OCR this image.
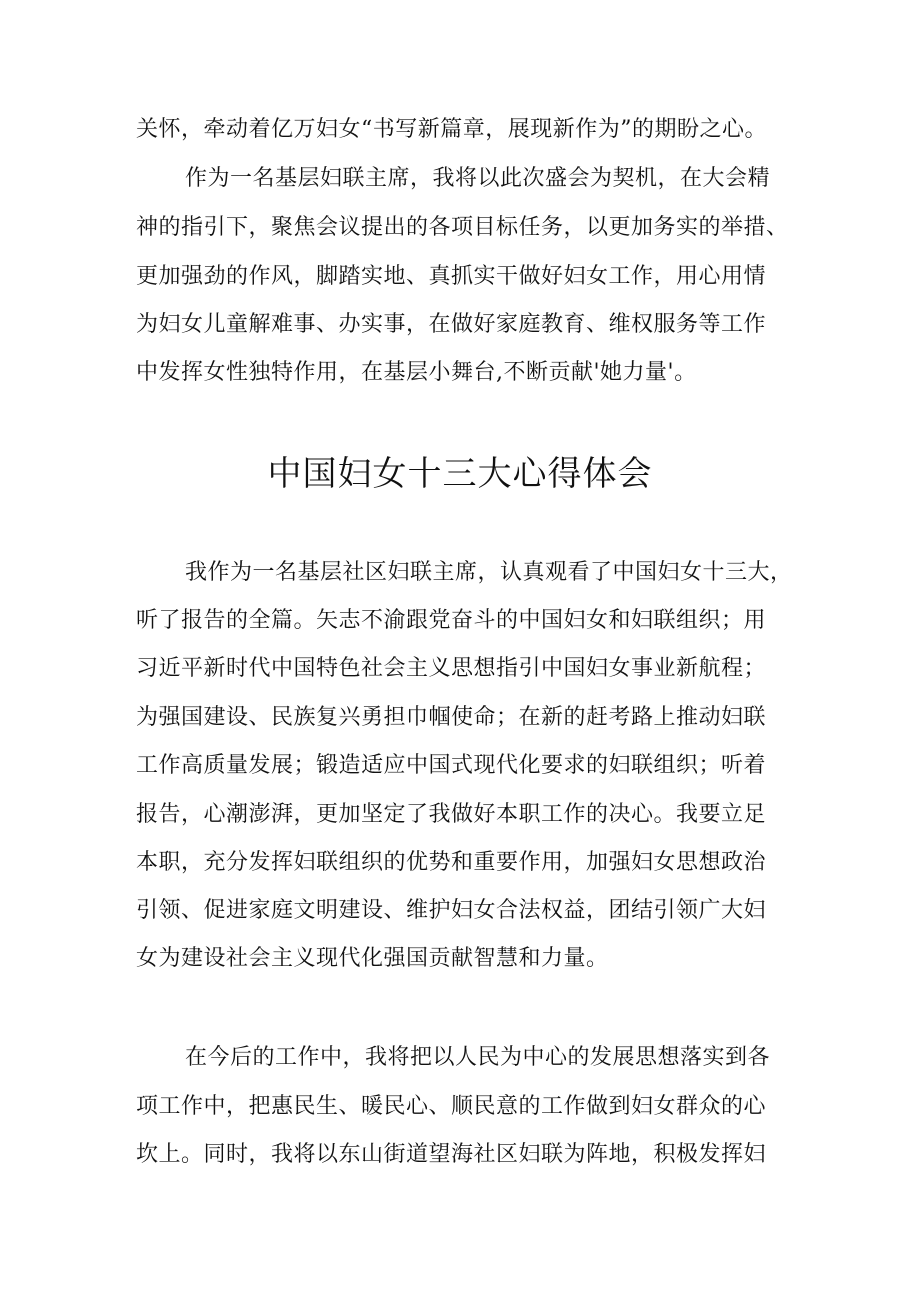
关怀，牵动着亿万妇女“书写新篇章，展现新作为”的期盼之心。
作为一名基层妇联主席，我将以此次盛会为契机，在大会精
神的指引下，聚焦会议提出的各项目标任务，以更加务实的举措、
更加强劲的作风，脚踏实地、真抓实干做好妇女工作，用心用情
为妇女儿童解难事、办实事，在做好家庭教育、维权服务等工作
中发挥女性独特作用，在基层小舞台,不断贡献'她力量'。
中国妇女十三大心得体会
我作为一名基层社区妇联主席，认真观看了中国妇女十三大，
听了报告的全篇。矢志不渝跟党奋斗的中国妇女和妇联组织；用
习近平新时代中国特色社会主义思想指引中国妇女事业新航程；
为强国建设、民族复兴勇担巾帼使命；在新的赶考路上推动妇联
工作高质量发展；锻造适应中国式现代化要求的妇联组织；听着
报告，心潮澎湃，更加坚定了我做好本职工作的决心。我要立足
本职，充分发挥妇联组织的优势和重要作用，加强妇女思想政治
引领、促进家庭文明建设、维护妇女合法权益，团结引领广大妇
女为建设社会主义现代化强国贡献智慧和力量。
在今后的工作中，我将把以人民为中心的发展思想落实到各
项工作中，把惠民生、暖民心、顺民意的工作做到妇女群众的心
坎上。同时，我将以东山街道望海社区妇联为阵地，积极发挥妇
